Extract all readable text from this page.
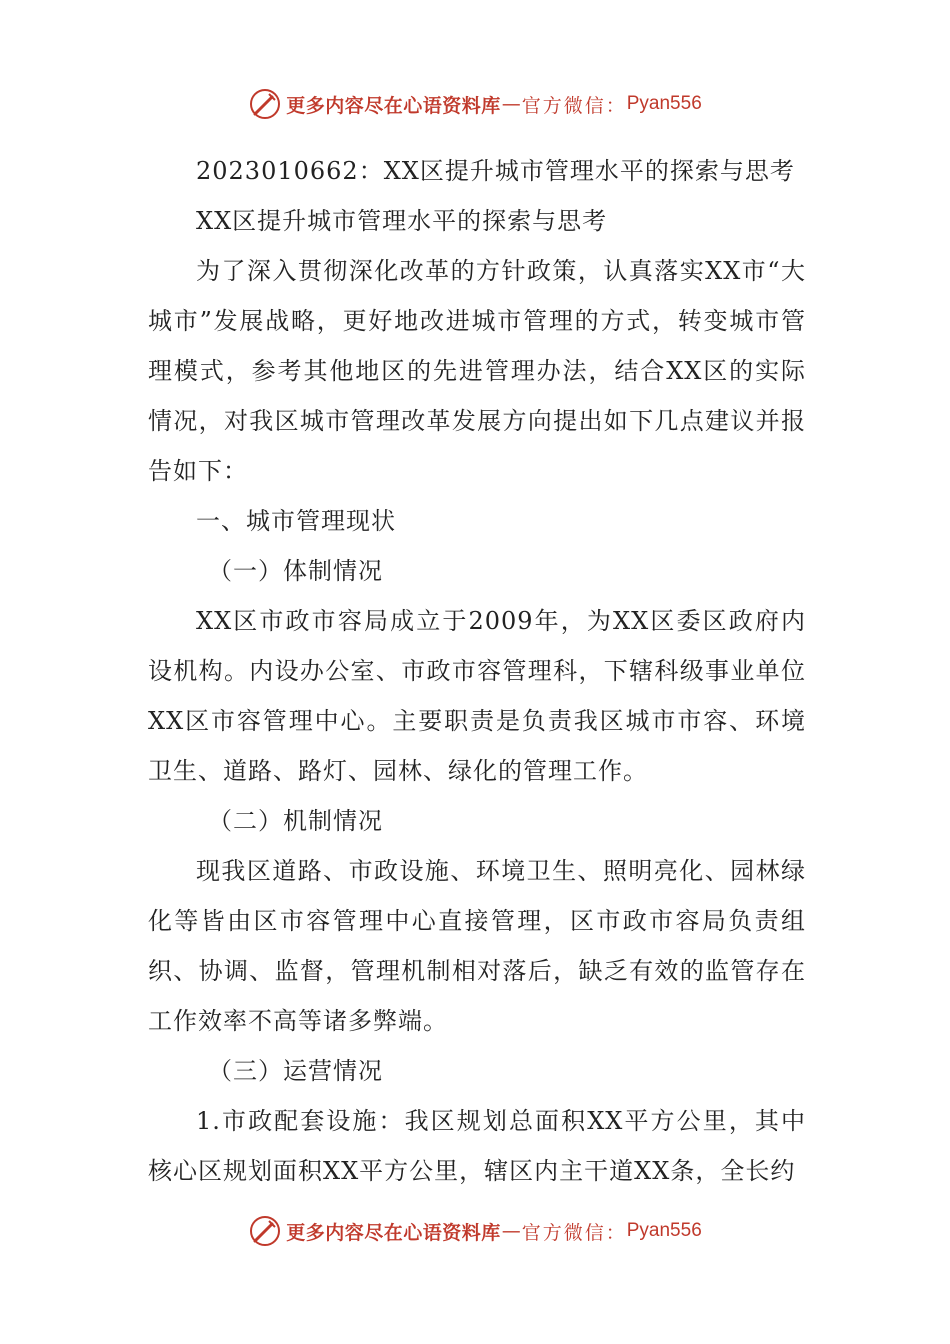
更多内容尽在心语资料库 — 官方微信： Pyan556

2023010662：XX区提升城市管理水平的探索与思考

XX区提升城市管理水平的探索与思考

为了深入贯彻深化改革的方针政策，认真落实XX市“大城市”发展战略，更好地改进城市管理的方式，转变城市管理模式，参考其他地区的先进管理办法，结合XX区的实际情况，对我区城市管理改革发展方向提出如下几点建议并报告如下：

一、城市管理现状

（一）体制情况

XX区市政市容局成立于2009年，为XX区委区政府内设机构。内设办公室、市政市容管理科，下辖科级事业单位XX区市容管理中心。主要职责是负责我区城市市容、环境卫生、道路、路灯、园林、绿化的管理工作。

（二）机制情况

现我区道路、市政设施、环境卫生、照明亮化、园林绿化等皆由区市容管理中心直接管理，区市政市容局负责组织、协调、监督，管理机制相对落后，缺乏有效的监管存在工作效率不高等诸多弊端。

（三）运营情况

1.市政配套设施：我区规划总面积XX平方公里，其中核心区规划面积XX平方公里，辖区内主干道XX条，全长约

更多内容尽在心语资料库 — 官方微信： Pyan556
